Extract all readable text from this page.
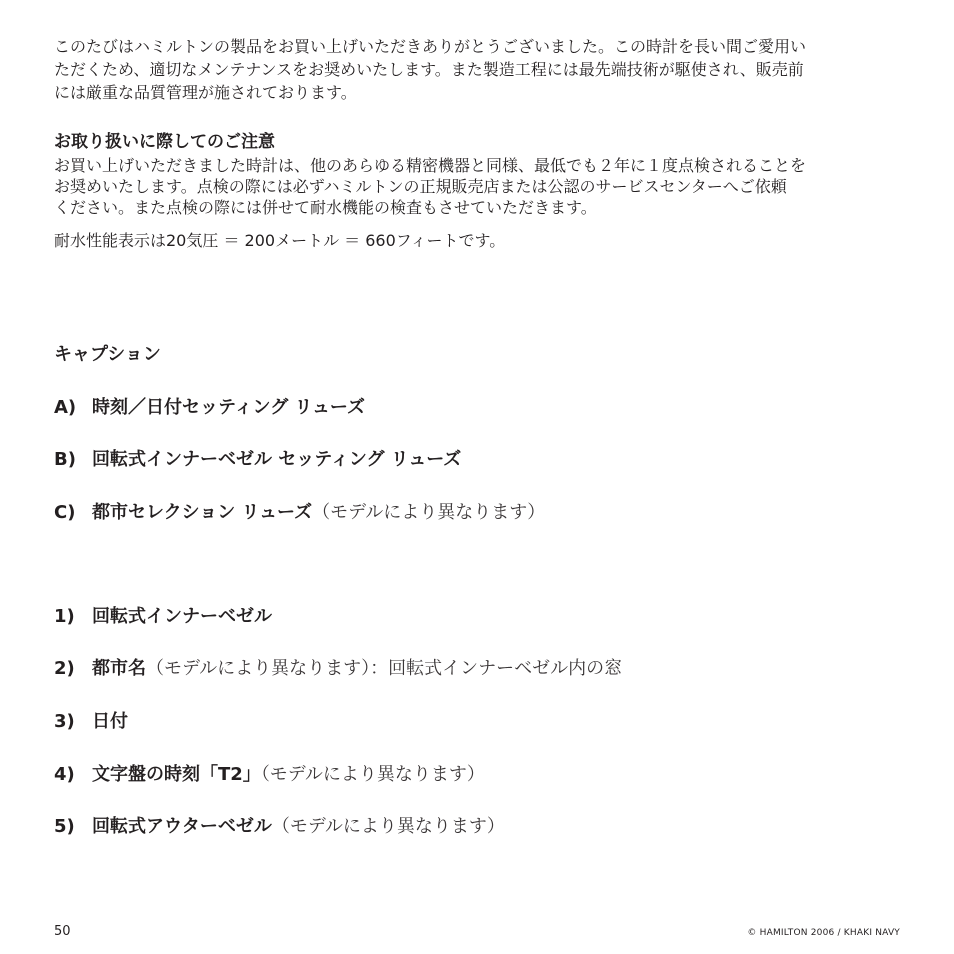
このたびはハミルトンの製品をお買い上げいただきありがとうございました。この時計を長い間ご愛用い
ただくため、適切なメンテナンスをお奨めいたします。また製造工程には最先端技術が駆使され、販売前
には厳重な品質管理が施されております。

お取り扱いに際してのご注意

お買い上げいただきました時計は、他のあらゆる精密機器と同様、最低でも２年に１度点検されることを
お奨めいたします。点検の際には必ずハミルトンの正規販売店または公認のサービスセンターへご依頼
ください。また点検の際には併せて耐水機能の検査もさせていただきます。

耐水性能表示は20気圧 ＝ 200メートル ＝ 660フィートです。

キャプション

A) 時刻／日付セッティング リューズ

B) 回転式インナーベゼル セッティング リューズ

C) 都市セレクション リューズ（モデルにより異なります）

1) 回転式インナーベゼル

2) 都市名（モデルにより異なります）：回転式インナーベゼル内の窓

3) 日付

4) 文字盤の時刻「T2」（モデルにより異なります）

5) 回転式アウターベゼル（モデルにより異なります）

50	© HAMILTON 2006 / KHAKI NAVY
